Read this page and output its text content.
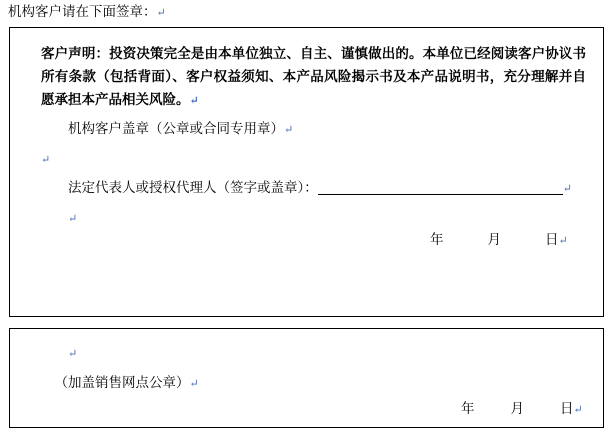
机构客户请在下面签章：↵
客户声明：投资决策完全是由本单位独立、自主、谨慎做出的。本单位已经阅读客户协议书所有条款（包括背面）、客户权益须知、本产品风险揭示书及本产品说明书，充分理解并自愿承担本产品相关风险。↵
机构客户盖章（公章或合同专用章）↵
↵
法定代表人或授权代理人（签字或盖章）：	↵
↵
年	月	日↵
↵
（加盖销售网点公章）↵
年	月	日↵
